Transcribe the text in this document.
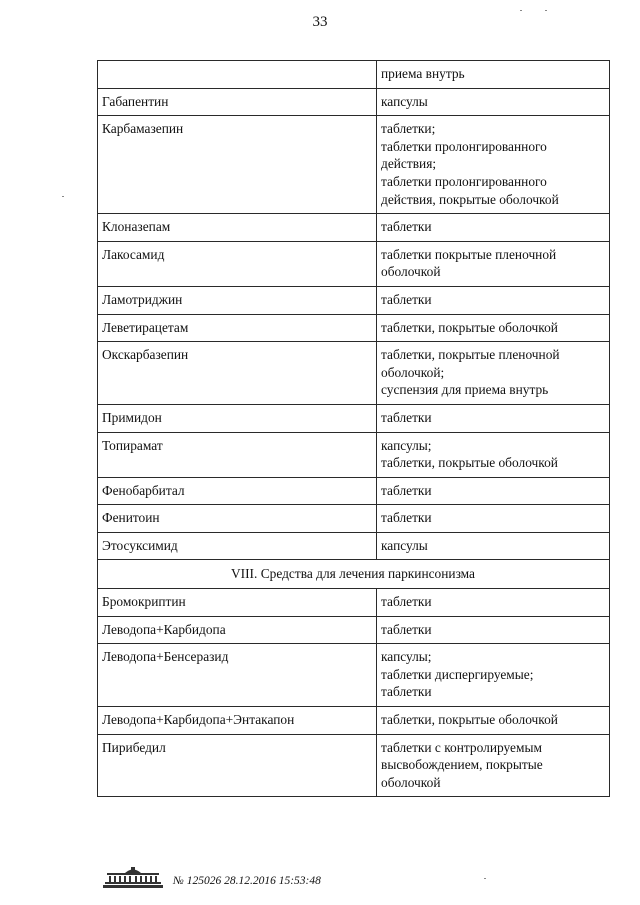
33
	приема внутрь
Габапентин	капсулы
Карбамазепин	таблетки;
таблетки пролонгированного действия;
таблетки пролонгированного действия, покрытые оболочкой
Клоназепам	таблетки
Лакосамид	таблетки покрытые пленочной оболочкой
Ламотриджин	таблетки
Леветирацетам	таблетки, покрытые оболочкой
Окскарбазепин	таблетки, покрытые пленочной оболочкой;
суспензия для приема внутрь
Примидон	таблетки
Топирамат	капсулы;
таблетки, покрытые оболочкой
Фенобарбитал	таблетки
Фенитоин	таблетки
Этосуксимид	капсулы
VIII. Средства для лечения паркинсонизма	
Бромокриптин	таблетки
Леводопа+Карбидопа	таблетки
Леводопа+Бенсеразид	капсулы;
таблетки диспергируемые;
таблетки
Леводопа+Карбидопа+Энтакапон	таблетки, покрытые оболочкой
Пирибедил	таблетки с контролируемым высвобождением, покрытые оболочкой
№ 125026 28.12.2016 15:53:48
